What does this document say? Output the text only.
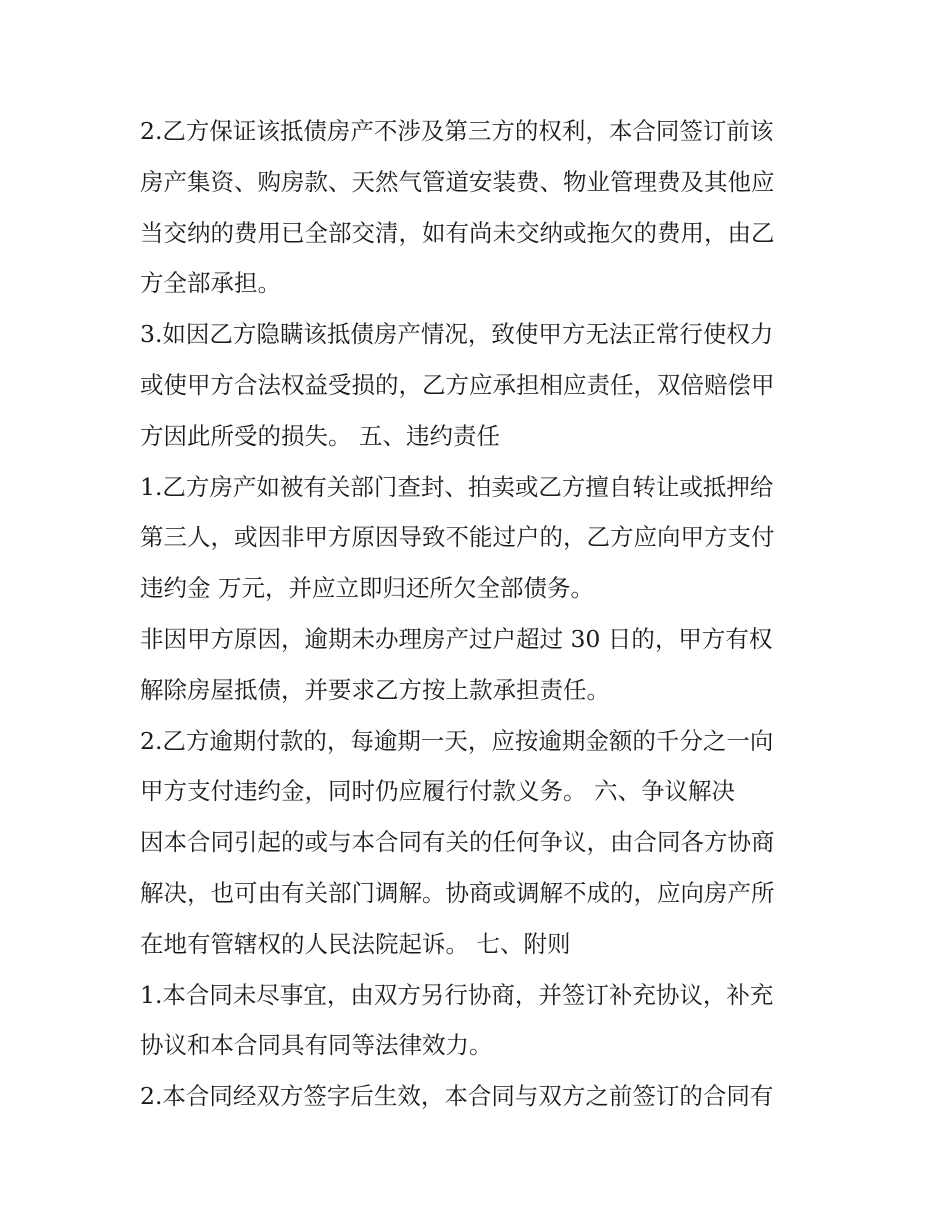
2.乙方保证该抵债房产不涉及第三方的权利，本合同签订前该
房产集资、购房款、天然气管道安装费、物业管理费及其他应
当交纳的费用已全部交清，如有尚未交纳或拖欠的费用，由乙
方全部承担。
3.如因乙方隐瞒该抵债房产情况，致使甲方无法正常行使权力
或使甲方合法权益受损的，乙方应承担相应责任，双倍赔偿甲
方因此所受的损失。 五、违约责任
1.乙方房产如被有关部门查封、拍卖或乙方擅自转让或抵押给
第三人，或因非甲方原因导致不能过户的，乙方应向甲方支付
违约金 万元，并应立即归还所欠全部债务。
非因甲方原因，逾期未办理房产过户超过 30 日的，甲方有权
解除房屋抵债，并要求乙方按上款承担责任。
2.乙方逾期付款的，每逾期一天，应按逾期金额的千分之一向
甲方支付违约金，同时仍应履行付款义务。 六、争议解决
因本合同引起的或与本合同有关的任何争议，由合同各方协商
解决，也可由有关部门调解。协商或调解不成的，应向房产所
在地有管辖权的人民法院起诉。 七、附则
1.本合同未尽事宜，由双方另行协商，并签订补充协议，补充
协议和本合同具有同等法律效力。
2.本合同经双方签字后生效，本合同与双方之前签订的合同有
